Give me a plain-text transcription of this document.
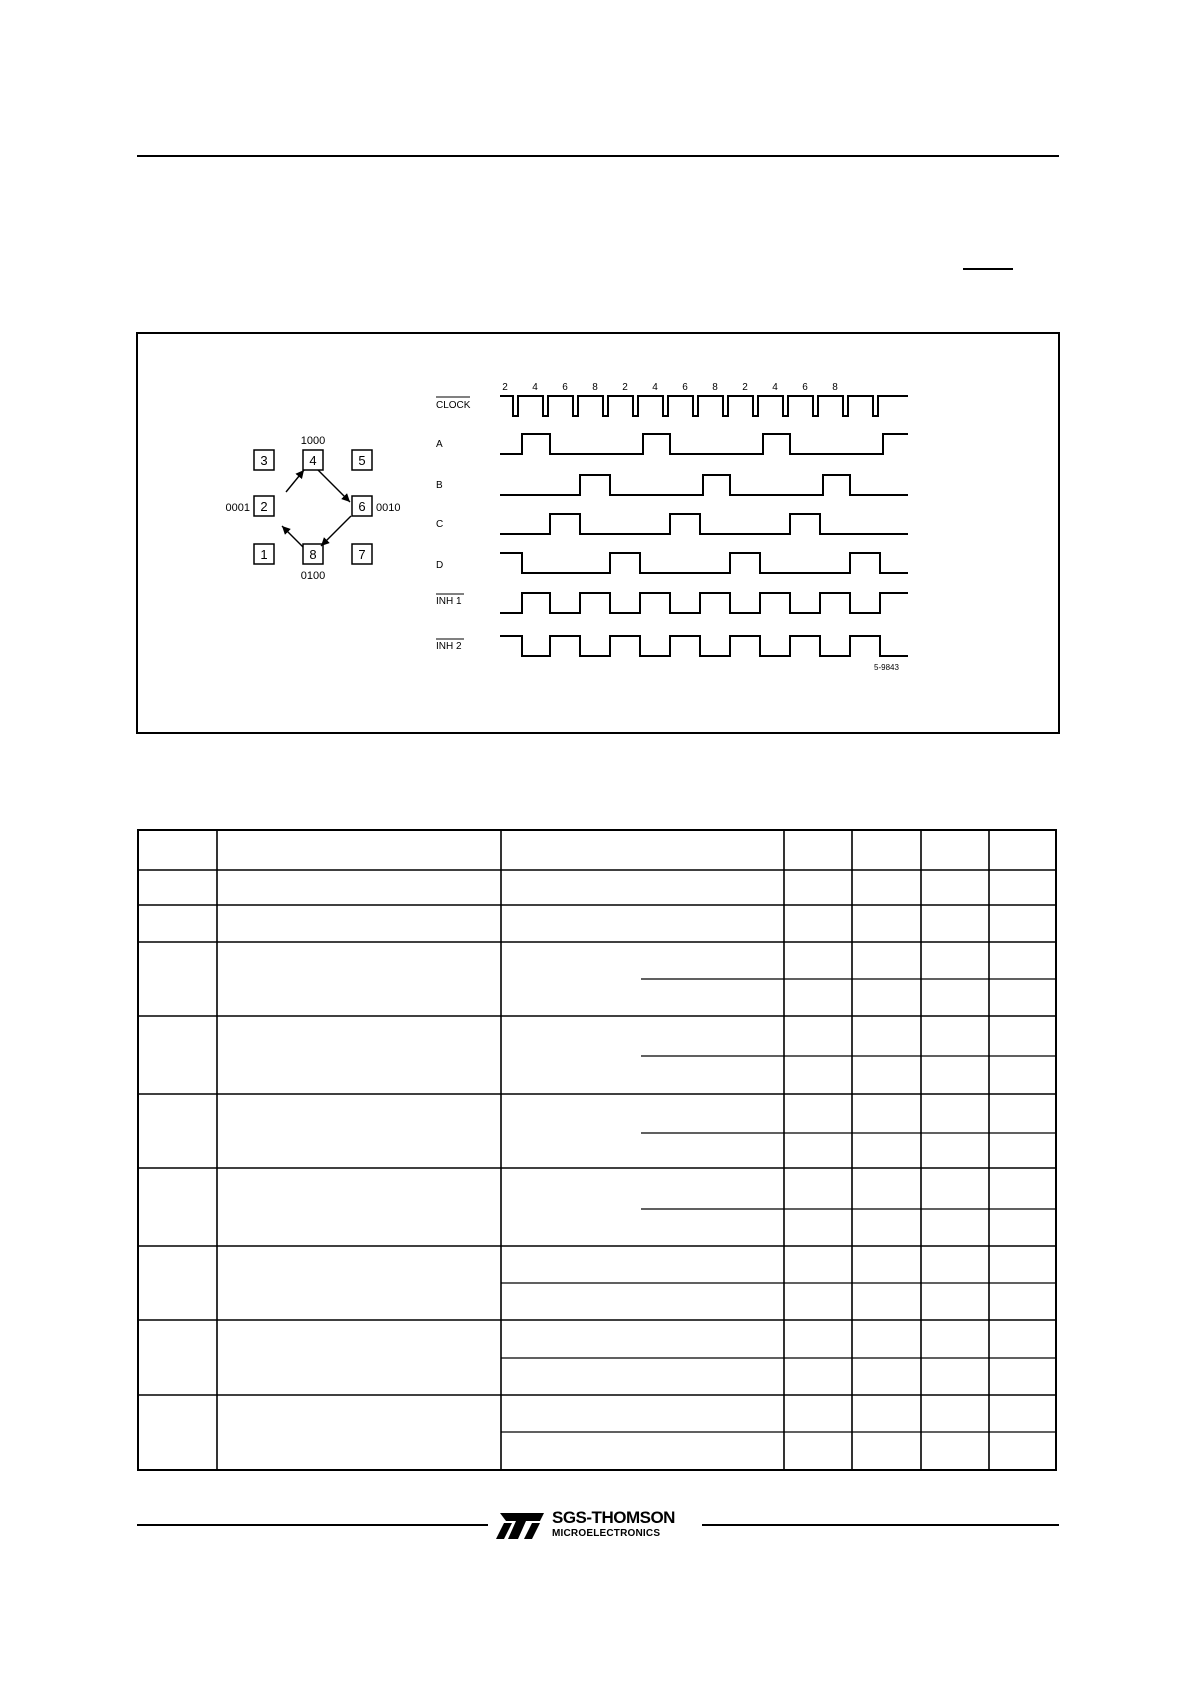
3	4
1000
5
2
0001	6 0010
1	8
0100
7
CLOCK
A
B
C
D
INH 1
INH 2
2 4 6 8 2 4 6 8 2 4 6 8
5-9843
SGS-THOMSON
MICROELECTRONICS
